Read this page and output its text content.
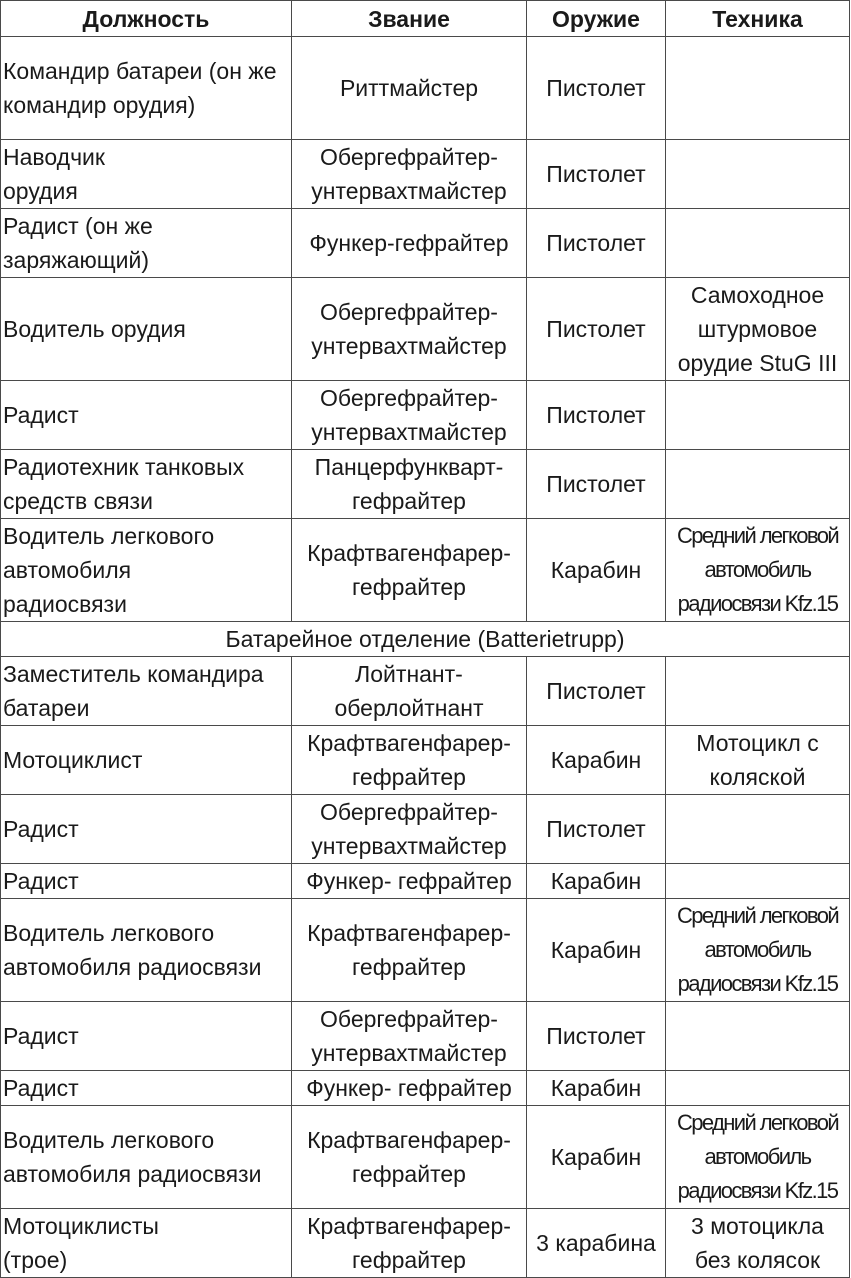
Должность	Звание	Оружие	Техника
Командир батареи (он же командир орудия)	Риттмайстер	Пистолет	
Наводчик орудия	Обергефрайтер-унтервахтмайстер	Пистолет	
Радист (он же заряжающий)	Функер-гефрайтер	Пистолет	
Водитель орудия	Обергефрайтер-унтервахтмайстер	Пистолет	Самоходное штурмовое орудие StuG III
Радист	Обергефрайтер-унтервахтмайстер	Пистолет	
Радиотехник танковых средств связи	Панцерфункварт-гефрайтер	Пистолет	
Водитель легкового автомобиля радиосвязи	Крафтвагенфарер-гефрайтер	Карабин	Средний легковой автомобиль радиосвязи Kfz.15
Батарейное отделение (Batterietrupp)			
Заместитель командира батареи	Лойтнант-оберлойтнант	Пистолет	
Мотоциклист	Крафтвагенфарер-гефрайтер	Карабин	Мотоцикл с коляской
Радист	Обергефрайтер-унтервахтмайстер	Пистолет	
Радист	Функер- гефрайтер	Карабин	
Водитель легкового автомобиля радиосвязи	Крафтвагенфарер-гефрайтер	Карабин	Средний легковой автомобиль радиосвязи Kfz.15
Радист	Обергефрайтер-унтервахтмайстер	Пистолет	
Радист	Функер- гефрайтер	Карабин	
Водитель легкового автомобиля радиосвязи	Крафтвагенфарер-гефрайтер	Карабин	Средний легковой автомобиль радиосвязи Kfz.15
Мотоциклисты (трое)	Крафтвагенфарер-гефрайтер	3 карабина	3 мотоцикла без колясок
